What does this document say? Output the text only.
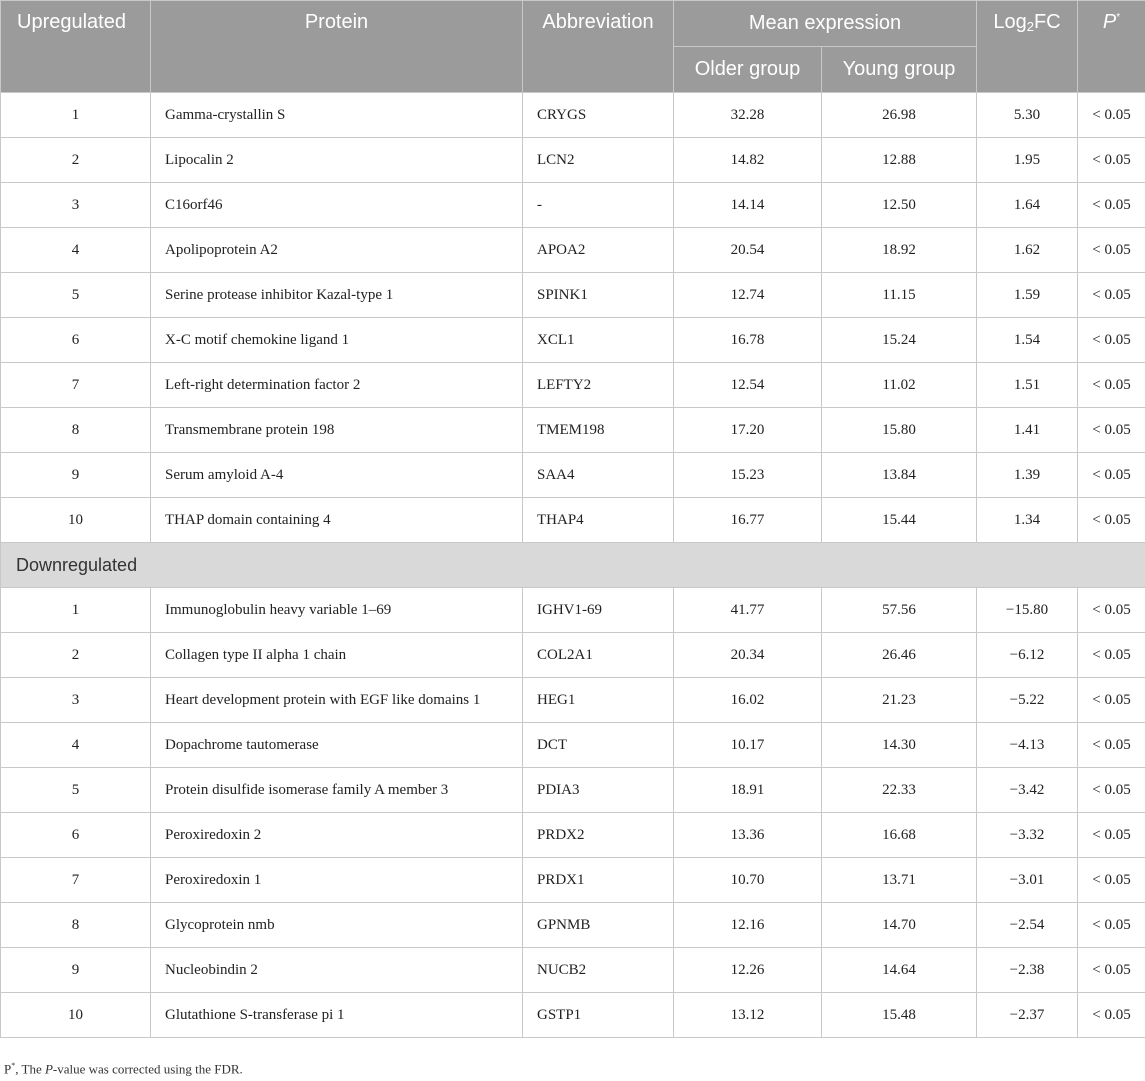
Upregulated	Protein	Abbreviation	Mean expression		Log$_2$FC	P*
			Older group	Young group		
1	Gamma-crystallin S	CRYGS	32.28	26.98	5.30	< 0.05
2	Lipocalin 2	LCN2	14.82	12.88	1.95	< 0.05
3	C16orf46	-	14.14	12.50	1.64	< 0.05
4	Apolipoprotein A2	APOA2	20.54	18.92	1.62	< 0.05
5	Serine protease inhibitor Kazal-type 1	SPINK1	12.74	11.15	1.59	< 0.05
6	X-C motif chemokine ligand 1	XCL1	16.78	15.24	1.54	< 0.05
7	Left-right determination factor 2	LEFTY2	12.54	11.02	1.51	< 0.05
8	Transmembrane protein 198	TMEM198	17.20	15.80	1.41	< 0.05
9	Serum amyloid A-4	SAA4	15.23	13.84	1.39	< 0.05
10	THAP domain containing 4	THAP4	16.77	15.44	1.34	< 0.05
Downregulated						
1	Immunoglobulin heavy variable 1–69	IGHV1-69	41.77	57.56	−15.80	< 0.05
2	Collagen type II alpha 1 chain	COL2A1	20.34	26.46	−6.12	< 0.05
3	Heart development protein with EGF like domains 1	HEG1	16.02	21.23	−5.22	< 0.05
4	Dopachrome tautomerase	DCT	10.17	14.30	−4.13	< 0.05
5	Protein disulfide isomerase family A member 3	PDIA3	18.91	22.33	−3.42	< 0.05
6	Peroxiredoxin 2	PRDX2	13.36	16.68	−3.32	< 0.05
7	Peroxiredoxin 1	PRDX1	10.70	13.71	−3.01	< 0.05
8	Glycoprotein nmb	GPNMB	12.16	14.70	−2.54	< 0.05
9	Nucleobindin 2	NUCB2	12.26	14.64	−2.38	< 0.05
10	Glutathione S-transferase pi 1	GSTP1	13.12	15.48	−2.37	< 0.05
P*, The P-value was corrected using the FDR.
